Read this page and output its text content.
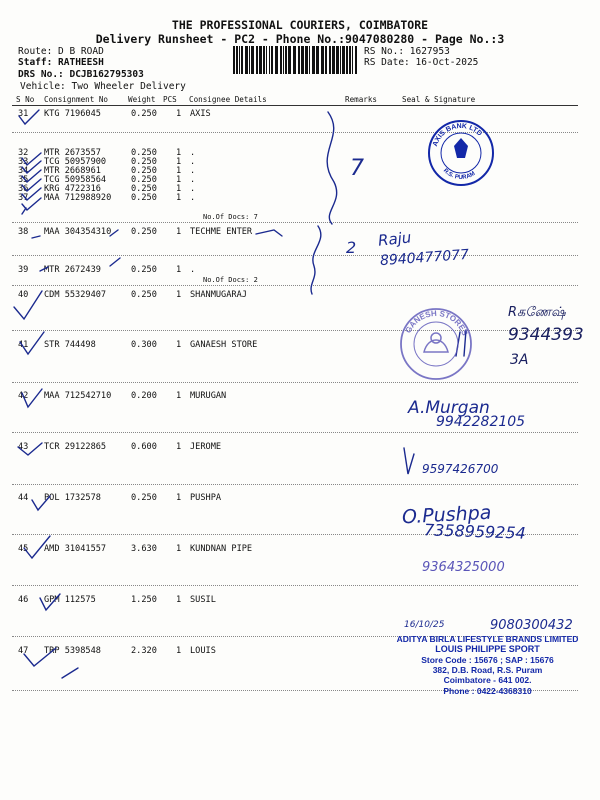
THE PROFESSIONAL COURIERS, COIMBATORE
Delivery Runsheet - PC2 - Phone No.:9047080280 - Page No.:3
Route: D B ROAD
Staff: RATHEESH
DRS No.: DCJB162795303
Vehicle: Two Wheeler Delivery
RS No.: 1627953
RS Date: 16-Oct-2025
S No Consignment No	Weight PCS Consignee Details	Remarks	Seal & Signature
31 KTG 7196045	0.250 1 AXIS
32 MTR 2673557	0.250 1 .
33 TCG 50957900	0.250 1 .
34 MTR 2668961	0.250 1 .
35 TCG 50958564	0.250 1 .
36 KRG 4722316	0.250 1 .
37 MAA 712988920 0.250 1 .
38 MAA 304354310 0.250 1 TECHME ENTER
39 MTR 2672439	0.250 1 .
40 CDM 55329407	0.250 1 SHANMUGARAJ
41 STR 744498	0.300 1 GANAESH STORE
42 MAA 712542710 0.200 1 MURUGAN
43 TCR 29122865	0.600 1 JEROME
44 POL 1732578	0.250 1 PUSHPA
45 AMD 31041557	3.630 1 KUNDNAN PIPE
46 GPM 112575	1.250 1 SUSIL
47 TRP 5398548	2.320 1 LOUIS
No.Of Docs: 7
No.Of Docs: 2
7
2 Raju
8940477077
Rகணேஷ்
9344393
3A
A.Murgan
9942282105
9597426700
O.Pushpa
7358959254
9364325000
16/10/25	9080300432
AXIS BANK LTD
R.S. PURAM
GANESH STORES
ADITYA BIRLA LIFESTYLE BRANDS LIMITED
LOUIS PHILIPPE SPORT
Store Code : 15676 ; SAP : 15676
382, D.B. Road, R.S. Puram
Coimbatore - 641 002.
Phone : 0422-4368310
